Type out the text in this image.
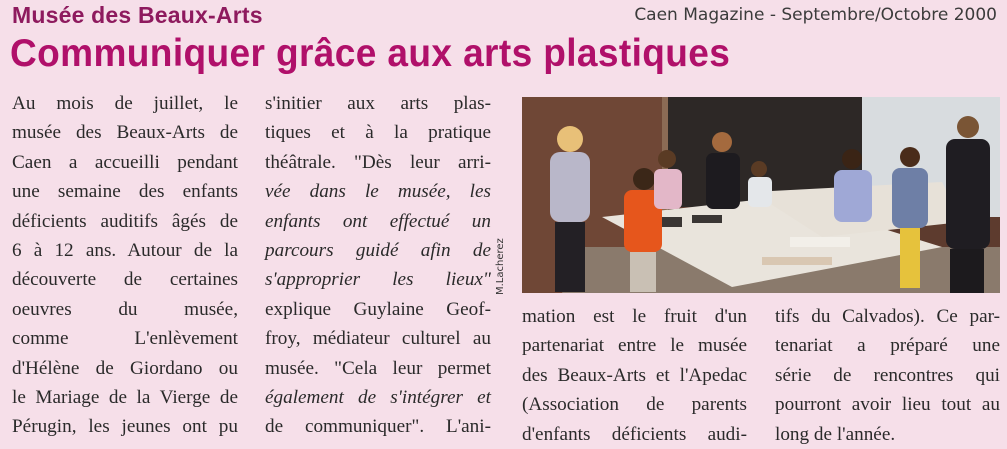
Musée des Beaux-Arts	Caen Magazine - Septembre/Octobre 2000
Communiquer grâce aux arts plastiques
Au mois de juillet, le
musée des Beaux-Arts de
Caen a accueilli pendant
une semaine des enfants
déficients auditifs âgés de
6 à 12 ans. Autour de la
découverte de certaines
oeuvres du musée,
comme L'enlèvement
d'Hélène de Giordano ou
le Mariage de la Vierge de
Pérugin, les jeunes ont pu
s'initier aux arts plas-
tiques et à la pratique
théâtrale. "Dès leur arri-
vée dans le musée, les
enfants ont effectué un
parcours guidé afin de
s'approprier les lieux"
explique Guylaine Geof-
froy, médiateur culturel au
musée. "Cela leur permet
également de s'intégrer et
de communiquer". L'ani-
M.Lacherez
mation est le fruit d'un
partenariat entre le musée
des Beaux-Arts et l'Apedac
(Association de parents
d'enfants déficients audi-
tifs du Calvados). Ce par-
tenariat a préparé une
série de rencontres qui
pourront avoir lieu tout au
long de l'année.
